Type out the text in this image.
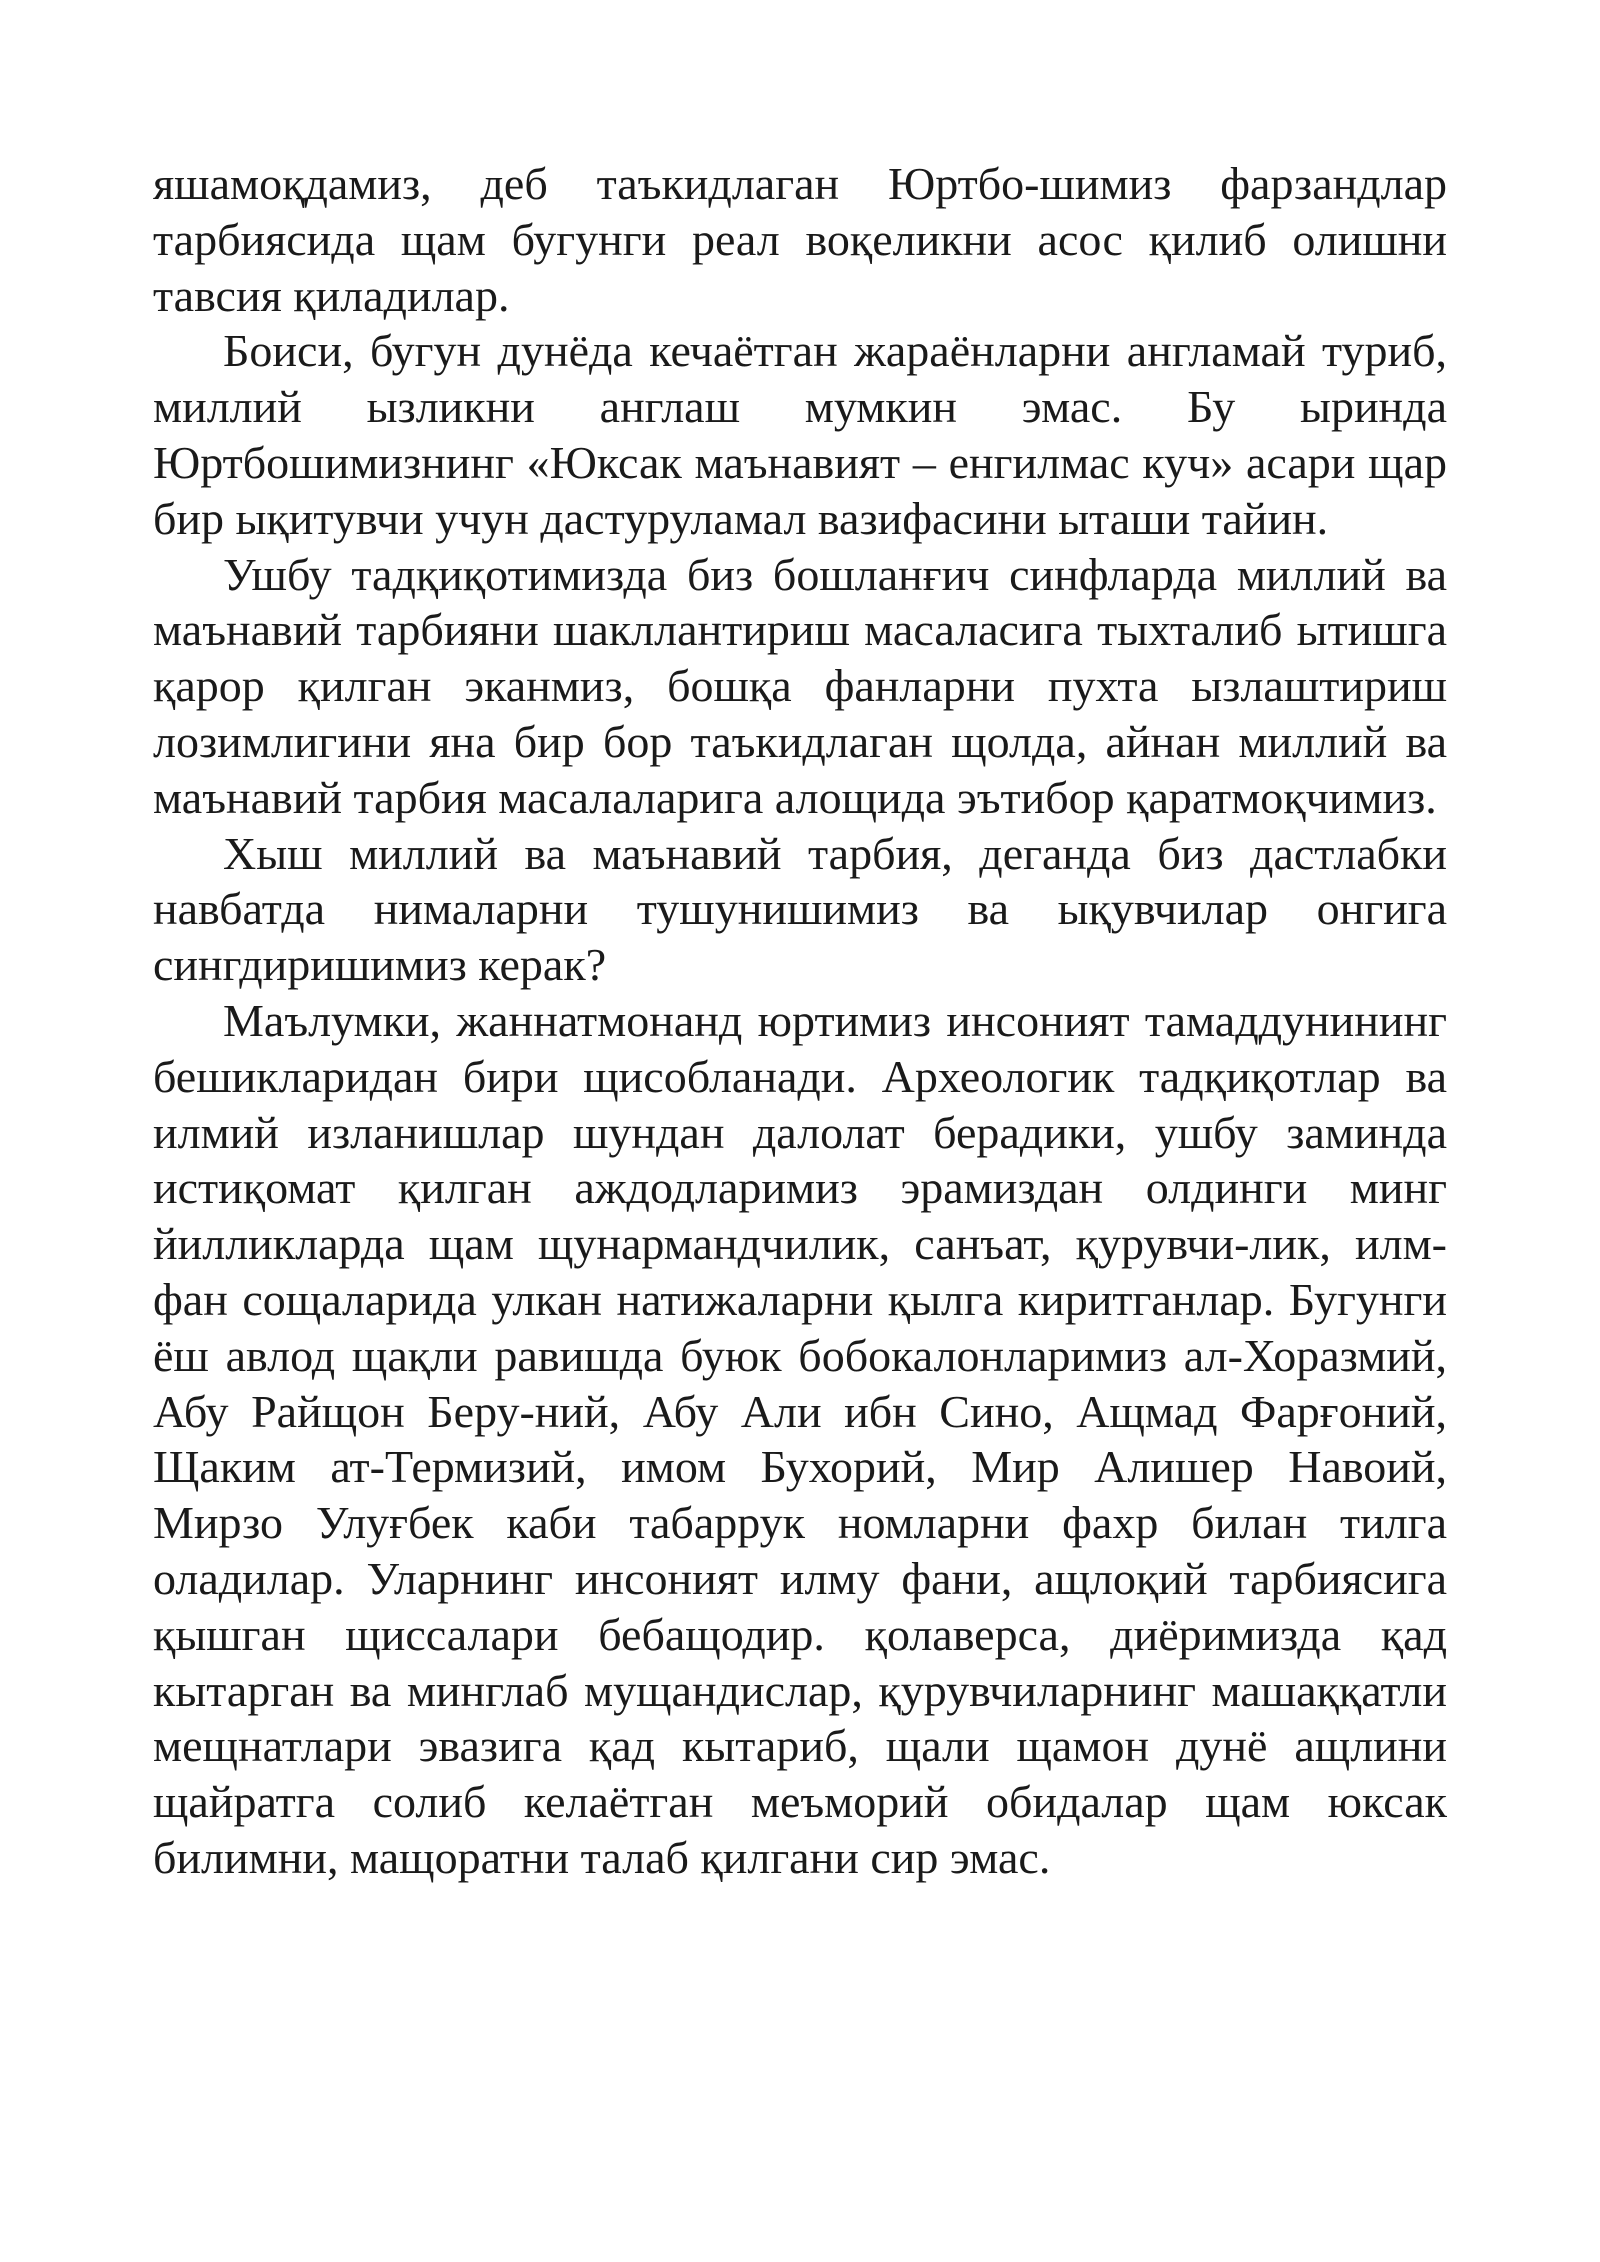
яшамоқдамиз, деб таъкидлаган Юртбо-шимиз фарзандлар тарбиясида щам бугунги реал воқеликни асос қилиб олишни тавсия қиладилар.

Боиси, бугун дунёда кечаётган жараёнларни англамай туриб, миллий ызликни англаш мумкин эмас. Бу ыринда Юртбошимизнинг «Юксак маънавият – енгилмас куч» асари щар бир ықитувчи учун дастуруламал вазифасини ыташи тайин.

Ушбу тадқиқотимизда биз бошланғич синфларда миллий ва маънавий тарбияни шакллантириш масаласига тыхталиб ытишга қарор қилган эканмиз, бошқа фанларни пухта ызлаштириш лозимлигини яна бир бор таъкидлаган щолда, айнан миллий ва маънавий тарбия масалаларига алощида эътибор қаратмоқчимиз.

Хыш миллий ва маънавий тарбия, деганда биз дастлабки навбатда нималарни тушунишимиз ва ықувчилар онгига сингдиришимиз керак?

Маълумки, жаннатмонанд юртимиз инсоният тамаддунининг бешикларидан бири щисобланади. Археологик тадқиқотлар ва илмий изланишлар шундан далолат берадики, ушбу заминда истиқомат қилган аждодларимиз эрамиздан олдинги минг йилликларда щам щунармандчилик, санъат, қурувчи-лик, илм-фан сощаларида улкан натижаларни қылга киритганлар. Бугунги ёш авлод щақли равишда буюк бобокалонларимиз ал-Хоразмий, Абу Райщон Беру-ний, Абу Али ибн Сино, Ащмад Фарғоний, Щаким ат-Термизий, имом Бухорий, Мир Алишер Навоий, Мирзо Улуғбек каби табаррук номларни фахр билан тилга оладилар. Уларнинг инсоният илму фани, ащлоқий тарбиясига қышган щиссалари бебащодир. қолаверса, диёримизда қад кытарган ва минглаб мущандислар, қурувчиларнинг машаққатли мещнатлари эвазига қад кытариб, щали щамон дунё ащлини щайратга солиб келаётган меъморий обидалар щам юксак билимни, мащоратни талаб қилгани сир эмас.
